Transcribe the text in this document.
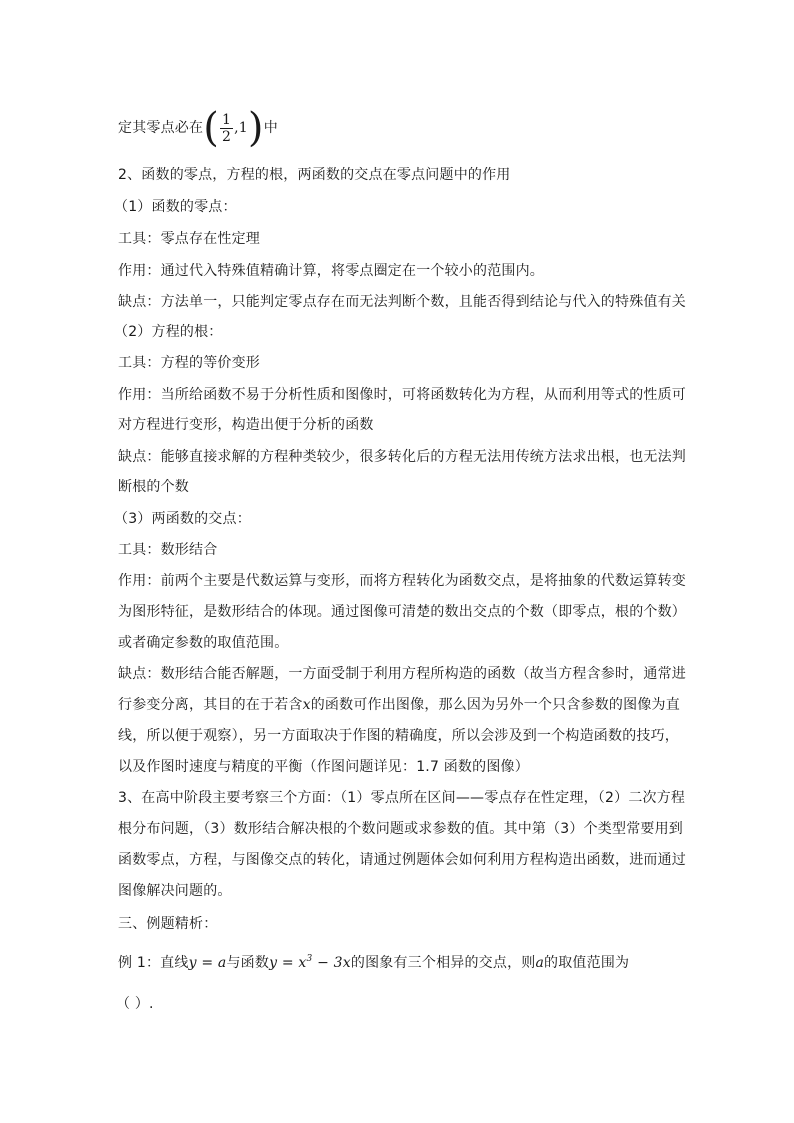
定其零点必在 ( $\frac{1}{2} ,1$ ) 中
2、函数的零点，方程的根，两函数的交点在零点问题中的作用
（1）函数的零点：
工具：零点存在性定理
作用：通过代入特殊值精确计算，将零点圈定在一个较小的范围内。
缺点：方法单一，只能判定零点存在而无法判断个数，且能否得到结论与代入的特殊值有关
（2）方程的根：
工具：方程的等价变形
作用：当所给函数不易于分析性质和图像时，可将函数转化为方程，从而利用等式的性质可
对方程进行变形，构造出便于分析的函数
缺点：能够直接求解的方程种类较少，很多转化后的方程无法用传统方法求出根，也无法判
断根的个数
（3）两函数的交点：
工具：数形结合
作用：前两个主要是代数运算与变形，而将方程转化为函数交点，是将抽象的代数运算转变
为图形特征，是数形结合的体现。通过图像可清楚的数出交点的个数（即零点，根的个数）
或者确定参数的取值范围。
缺点：数形结合能否解题，一方面受制于利用方程所构造的函数（故当方程含参时，通常进
行参变分离，其目的在于若含x的函数可作出图像，那么因为另外一个只含参数的图像为直
线，所以便于观察），另一方面取决于作图的精确度，所以会涉及到一个构造函数的技巧，
以及作图时速度与精度的平衡（作图问题详见：1.7 函数的图像）
3、在高中阶段主要考察三个方面：（1）零点所在区间——零点存在性定理，（2）二次方程
根分布问题，（3）数形结合解决根的个数问题或求参数的值。其中第（3）个类型常要用到
函数零点，方程，与图像交点的转化，请通过例题体会如何利用方程构造出函数，进而通过
图像解决问题的。
三、例题精析：
例 1：直线y = a与函数$y = x^3 - 3x$的图象有三个相异的交点，则a的取值范围为
（ ）.
